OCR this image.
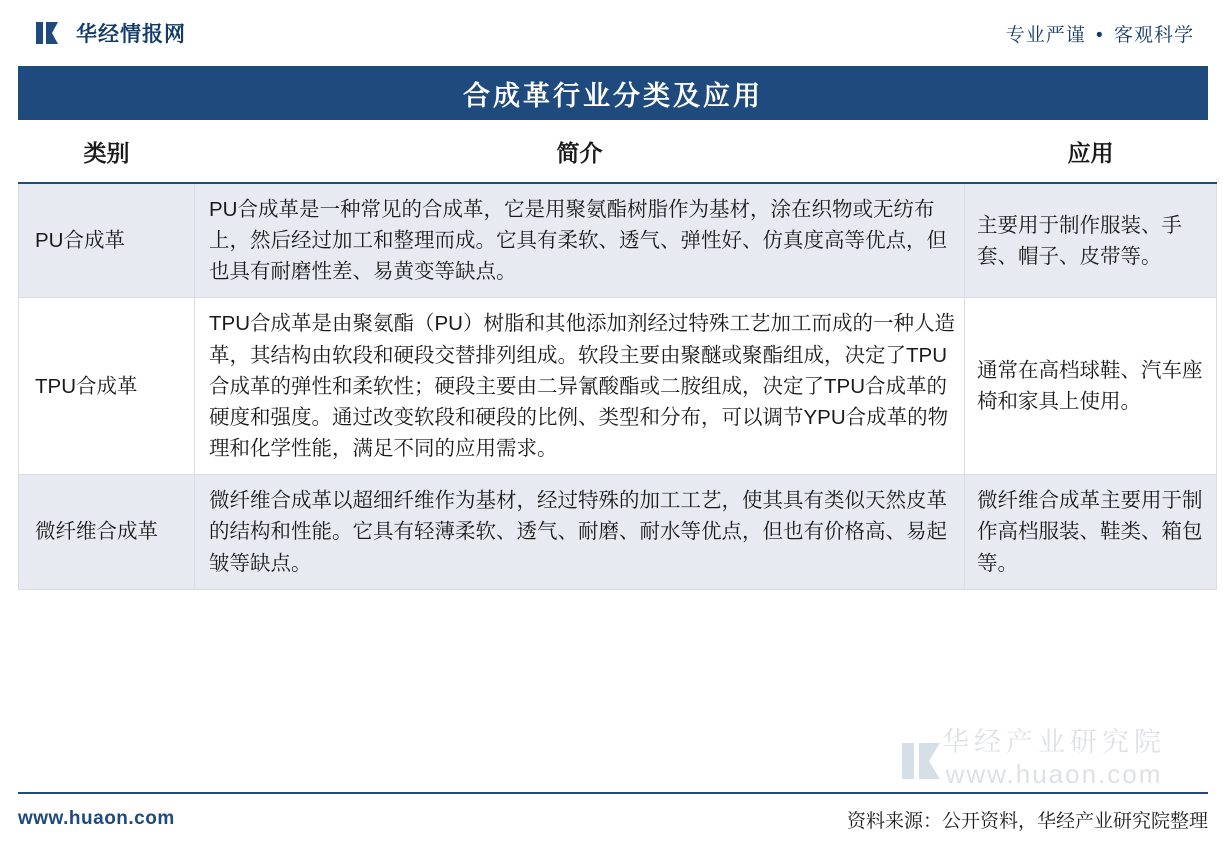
华经情报网	专业严谨 • 客观科学
合成革行业分类及应用
类别	简介	应用
PU合成革	PU合成革是一种常见的合成革，它是用聚氨酯树脂作为基材，涂在织物或无纺布上，然后经过加工和整理而成。它具有柔软、透气、弹性好、仿真度高等优点，但也具有耐磨性差、易黄变等缺点。	主要用于制作服装、手套、帽子、皮带等。
TPU合成革	TPU合成革是由聚氨酯（PU）树脂和其他添加剂经过特殊工艺加工而成的一种人造革，其结构由软段和硬段交替排列组成。软段主要由聚醚或聚酯组成，决定了TPU合成革的弹性和柔软性；硬段主要由二异氰酸酯或二胺组成，决定了TPU合成革的硬度和强度。通过改变软段和硬段的比例、类型和分布，可以调节YPU合成革的物理和化学性能，满足不同的应用需求。	通常在高档球鞋、汽车座椅和家具上使用。
微纤维合成革	微纤维合成革以超细纤维作为基材，经过特殊的加工工艺，使其具有类似天然皮革的结构和性能。它具有轻薄柔软、透气、耐磨、耐水等优点，但也有价格高、易起皱等缺点。	微纤维合成革主要用于制作高档服装、鞋类、箱包等。
华经产业研究院
www.huaon.com
www.huaon.com	资料来源：公开资料，华经产业研究院整理
